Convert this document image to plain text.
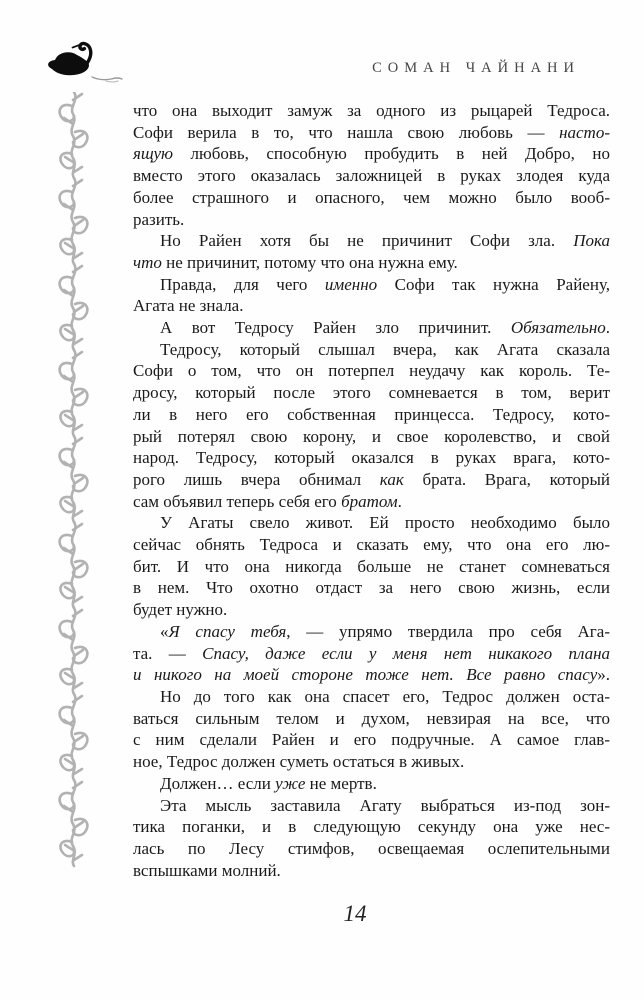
СОМАН ЧАЙНАНИ
что она выходит замуж за одного из рыцарей Тедроса.
Софи верила в то, что нашла свою любовь — насто-
ящую любовь, способную пробудить в ней Добро, но
вместо этого оказалась заложницей в руках злодея куда
более страшного и опасного, чем можно было вооб-
разить.
Но Райен хотя бы не причинит Софи зла. Пока
что не причинит, потому что она нужна ему.
Правда, для чего именно Софи так нужна Райену,
Агата не знала.
А вот Тедросу Райен зло причинит. Обязательно.
Тедросу, который слышал вчера, как Агата сказала
Софи о том, что он потерпел неудачу как король. Те-
дросу, который после этого сомневается в том, верит
ли в него его собственная принцесса. Тедросу, кото-
рый потерял свою корону, и свое королевство, и свой
народ. Тедросу, который оказался в руках врага, кото-
рого лишь вчера обнимал как брата. Врага, который
сам объявил теперь себя его братом.
У Агаты свело живот. Ей просто необходимо было
сейчас обнять Тедроса и сказать ему, что она его лю-
бит. И что она никогда больше не станет сомневаться
в нем. Что охотно отдаст за него свою жизнь, если
будет нужно.
«Я спасу тебя, — упрямо твердила про себя Ага-
та. — Спасу, даже если у меня нет никакого плана
и никого на моей стороне тоже нет. Все равно спасу».
Но до того как она спасет его, Тедрос должен оста-
ваться сильным телом и духом, невзирая на все, что
с ним сделали Райен и его подручные. А самое глав-
ное, Тедрос должен суметь остаться в живых.
Должен… если уже не мертв.
Эта мысль заставила Агату выбраться из-под зон-
тика поганки, и в следующую секунду она уже нес-
лась по Лесу стимфов, освещаемая ослепительными
вспышками молний.
14
